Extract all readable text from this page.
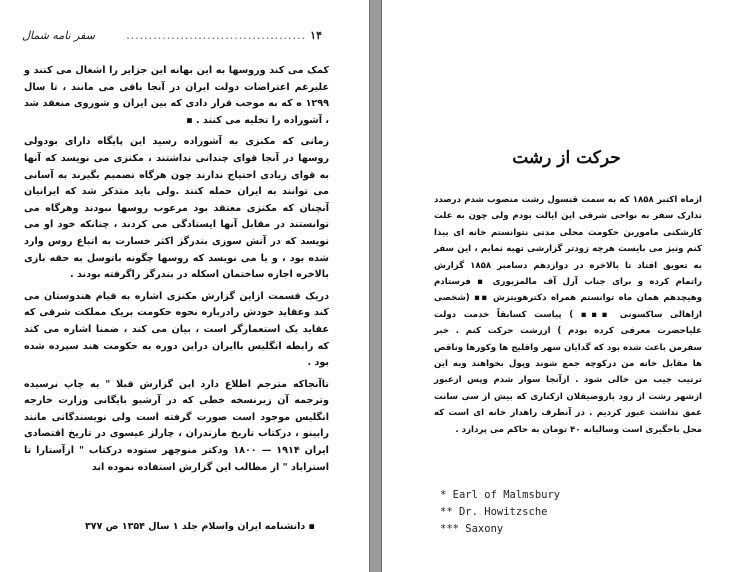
۱۴
........................................
سفر نامه شمال

کمک می کند وروسها به این بهانه این جزایر را اشغال می کنند و علیرغم اعتراضات دولت ایران در آنجا باقی می مانند ، تا سال ۱۲۹۹ ه که به موجب قرار دادی که بین ایران و شوروی منعقد شد ، آشوراده را تخلیه می کنند . ▪

زمانی که مکنزی به آشوراده رسید این پایگاه دارای بودولی روسها در آنجا قوای چندانی نداشتند ، مکنزی می نویسد که آنها به قوای زیادی احتیاج ندارند چون هرگاه تصمیم بگیرند به آسانی می توانند به ایران حمله کنند .ولی باید متذکر شد که ایرانیان آنچنان که مکنزی معتقد بود مرعوب روسها نبودند وهرگاه می توانستند در مقابل آنها ایستادگی می کردند ، چنانکه خود او می نویسد که در آتش سوزی بندرگز اکثر خسارت به اتباع روس وارد شده بود ، و یا می نویسد که روسها چگونه باتوسل به حقه بازی بالاخره اجازه ساختمان اسکله در بندرگز راگرفته بودند .

دریک قسمت ازاین گزارش مکنزی اشاره به قیام هندوستان می کند وعقاید خودش رادرباره نحوه حکومت بریک مملکت شرقی که عقاید یک استعمارگر است ، بیان می کند ، ضمنا اشاره می کند که رابطه انگلیس باایران دراین دوره به حکومت هند سپرده شده بود .

تاآنجاکه مترجم اطلاع دارد این گزارش قبلا " به چاپ نرسیده وترجمه آن زیرنسخه خطی که در آرشیو بایگانی وزارت خارجه انگلیس موجود است صورت گرفته است ولی نویسندگانی مانند رابینو ، درکتاب تاریخ مازندران ، چارلز عیسوی در تاریخ اقتصادی ایران ۱۹۱۴ — ۱۸۰۰ ودکتر منوچهر ستوده درکتاب " ازآستارا تا استراباد " از مطالب این گزارش استفاده نموده اند

▪ دانشنامه ایران واسلام جلد ۱ سال ۱۳۵۴ ص ۳۷۷
حرکت از رشت

ازماه اکتبر ۱۸۵۸ که به سمت قنسول رشت منصوب شدم درصدد تدارک سفر به نواحی شرقی این ایالت بودم ولی چون به علت کارشکنی ماموربن حکومت محلی مدتی نتوانستم خانه ای بیدا کنم ونیز می بایست هرچه زودتر گزارشی تهیه نمایم ، این سفر به تعویق افتاد تا بالاخره در دوازدهم دسامبر ۱۸۵۸ گزارش راتمام کرده و برای جناب آرل آف مالمزبوری ▪ فرستادم وهیچدهم همان ماه توانستم همراه دکترهویتزش ▪▪ (شخصی ازاهالی ساکسونی ▪▪▪ ) پیاست کسابقاً خدمت دولت علیاحضرت معرفی کرده بودم ) ازرشت حرکت کنم . خبر سفرمن باعث شده بود که گدایان سهر واقلیج ها وکورها وناقص ها مقابل خانه من درکوچه جمع شوند وپول بخواهند وبه این ترتیب جیب من خالی شود . ازآنجا سوار شدم وپس ازعبور ازشهر رشت از رود باروصیقلان ازکناری که بیش از سی سانت عمق نداشت عبور کردیم . در آنطرف راهدار خانه ای است که محل باجگیری است وسالیانه ۴۰ تومان به حاکم می پردازد .

* Earl of Malmsbury
** Dr. Howitzsche
*** Saxony
